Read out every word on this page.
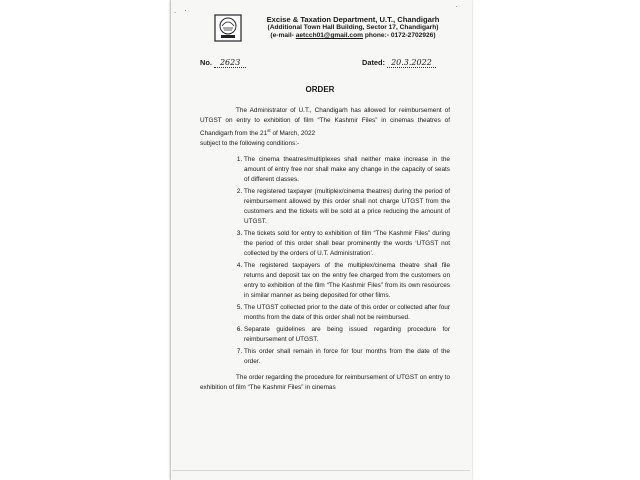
. ·	·
Excise & Taxation Department, U.T., Chandigarh
(Additional Town Hall Building, Sector 17, Chandigarh)
(e-mail- aetcch01@gmail.com phone:- 0172-2702926)
No. 2623	Dated: 20.3.2022
ORDER

The Administrator of U.T., Chandigarh has allowed for reimbursement of UTGST on entry to exhibition of film “The Kashmir Files” in cinemas theatres of Chandigarh from the 21st of March, 2022

subject to the following conditions:-

1. The cinema theatres/multiplexes shall neither make increase in the amount of entry free nor shall make any change in the capacity of seats of different classes.
2. The registered taxpayer (multiplex/cinema theatres) during the period of reimbursement allowed by this order shall not charge UTGST from the customers and the tickets will be sold at a price reducing the amount of UTGST.
3. The tickets sold for entry to exhibition of film “The Kashmir Files” during the period of this order shall bear prominently the words ‘UTGST not collected by the orders of U.T. Administration’.
4. The registered taxpayers of the multiplex/cinema theatre shall file returns and deposit tax on the entry fee charged from the customers on entry to exhibition of the film “The Kashmir Files” from its own resources in similar manner as being deposited for other films.
5. The UTGST collected prior to the date of this order or collected after four months from the date of this order shall not be reimbursed.
6. Separate guidelines are being issued regarding procedure for reimbursement of UTGST.
7. This order shall remain in force for four months from the date of the order.

The order regarding the procedure for reimbursement of UTGST on entry to exhibition of film “The Kashmir Files” in cinemas
